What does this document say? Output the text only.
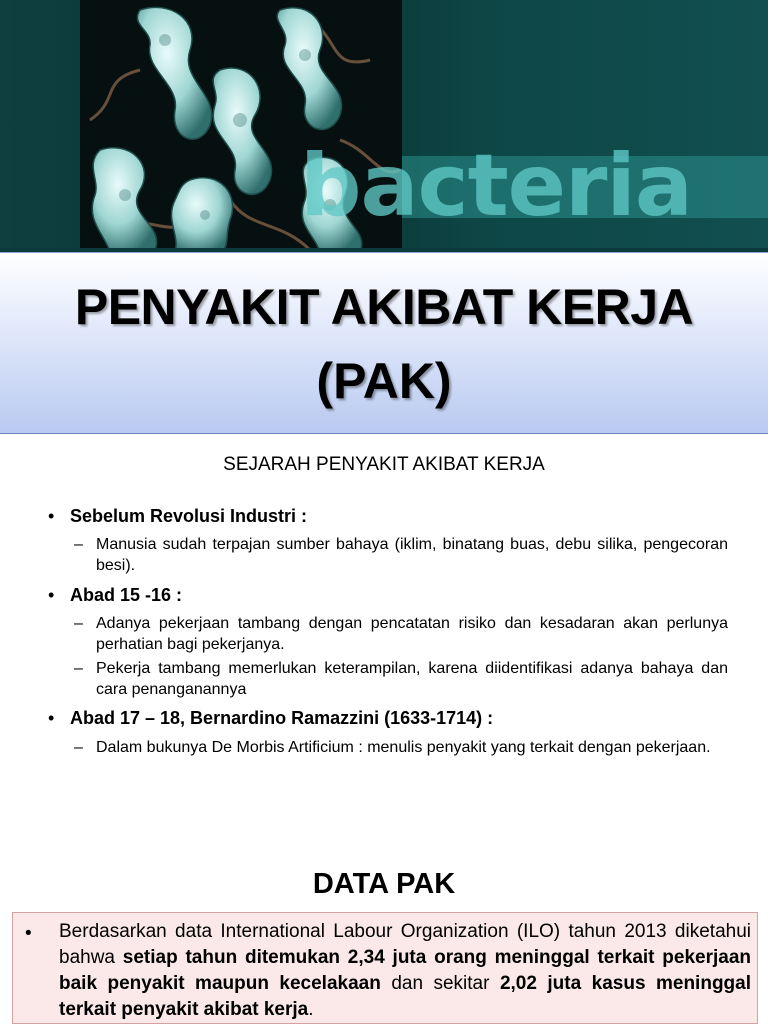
bacteria
PENYAKIT AKIBAT KERJA
(PAK)
SEJARAH PENYAKIT AKIBAT KERJA
• Sebelum Revolusi Industri :
– Manusia sudah terpajan sumber bahaya (iklim, binatang buas, debu silika, pengecoran besi).
• Abad 15 -16 :
– Adanya pekerjaan tambang dengan pencatatan risiko dan kesadaran akan perlunya perhatian bagi pekerjanya.
– Pekerja tambang memerlukan keterampilan, karena diidentifikasi adanya bahaya dan cara penanganannya
• Abad 17 – 18, Bernardino Ramazzini (1633-1714) :
– Dalam bukunya De Morbis Artificium : menulis penyakit yang terkait dengan pekerjaan.
DATA PAK
• Berdasarkan data International Labour Organization (ILO) tahun 2013 diketahui bahwa setiap tahun ditemukan 2,34 juta orang meninggal terkait pekerjaan baik penyakit maupun kecelakaan dan sekitar 2,02 juta kasus meninggal terkait penyakit akibat kerja.
